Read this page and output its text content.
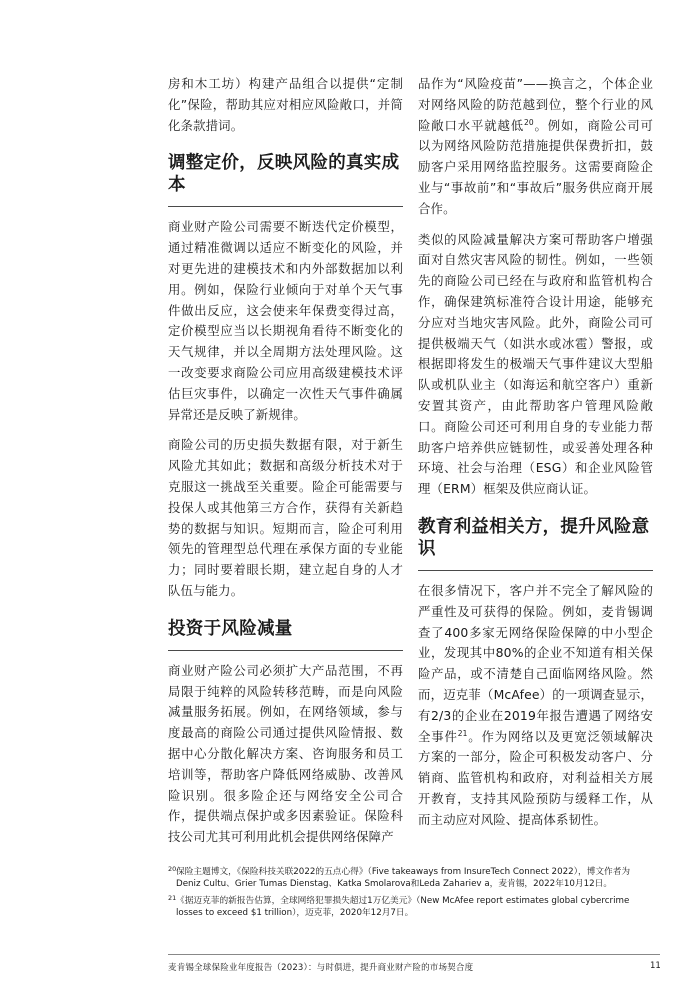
房和木工坊）构建产品组合以提供“定制化”保险，帮助其应对相应风险敞口，并简化条款措词。

调整定价，反映风险的真实成本

商业财产险公司需要不断迭代定价模型，通过精准微调以适应不断变化的风险，并对更先进的建模技术和内外部数据加以利用。例如，保险行业倾向于对单个天气事件做出反应，这会使来年保费变得过高，定价模型应当以长期视角看待不断变化的天气规律，并以全周期方法处理风险。这一改变要求商险公司应用高级建模技术评估巨灾事件，以确定一次性天气事件确属异常还是反映了新规律。

商险公司的历史损失数据有限，对于新生风险尤其如此；数据和高级分析技术对于克服这一挑战至关重要。险企可能需要与投保人或其他第三方合作，获得有关新趋势的数据与知识。短期而言，险企可利用领先的管理型总代理在承保方面的专业能力；同时要着眼长期，建立起自身的人才队伍与能力。

投资于风险减量

商业财产险公司必须扩大产品范围，不再局限于纯粹的风险转移范畴，而是向风险减量服务拓展。例如，在网络领域，参与度最高的商险公司通过提供风险情报、数据中心分散化解决方案、咨询服务和员工培训等，帮助客户降低网络威胁、改善风险识别。很多险企还与网络安全公司合作，提供端点保护或多因素验证。保险科技公司尤其可利用此机会提供网络保障产

品作为“风险疫苗”——换言之，个体企业对网络风险的防范越到位，整个行业的风险敞口水平就越低$^{20}$。例如，商险公司可以为网络风险防范措施提供保费折扣，鼓励客户采用网络监控服务。这需要商险企业与“事故前”和“事故后”服务供应商开展合作。

类似的风险减量解决方案可帮助客户增强面对自然灾害风险的韧性。例如，一些领先的商险公司已经在与政府和监管机构合作，确保建筑标准符合设计用途，能够充分应对当地灾害风险。此外，商险公司可提供极端天气（如洪水或冰雹）警报，或根据即将发生的极端天气事件建议大型船队或机队业主（如海运和航空客户）重新安置其资产，由此帮助客户管理风险敞口。商险公司还可利用自身的专业能力帮助客户培养供应链韧性，或妥善处理各种环境、社会与治理（ESG）和企业风险管理（ERM）框架及供应商认证。

教育利益相关方，提升风险意识

在很多情况下，客户并不完全了解风险的严重性及可获得的保险。例如，麦肯锡调查了400多家无网络保险保障的中小型企业，发现其中80%的企业不知道有相关保险产品，或不清楚自己面临网络风险。然而，迈克菲（McAfee）的一项调查显示，有2/3的企业在2019年报告遭遇了网络安全事件$^{21}$。作为网络以及更宽泛领域解决方案的一部分，险企可积极发动客户、分销商、监管机构和政府，对利益相关方展开教育，支持其风险预防与缓释工作，从而主动应对风险、提高体系韧性。

20 保险主题博文，《保险科技关联2022的五点心得》（Five takeaways from InsureTech Connect 2022），博文作者为Deniz Cultu、Grier Tumas Dienstag、Katka Smolarova和Leda Zahariev a，麦肯锡，2022年10月12日。
21 《据迈克菲的新报告估算，全球网络犯罪损失超过1万亿美元》（New McAfee report estimates global cybercrime losses to exceed $1 trillion），迈克菲，2020年12月7日。
麦肯锡全球保险业年度报告（2023）：与时俱进，提升商业财产险的市场契合度	11
